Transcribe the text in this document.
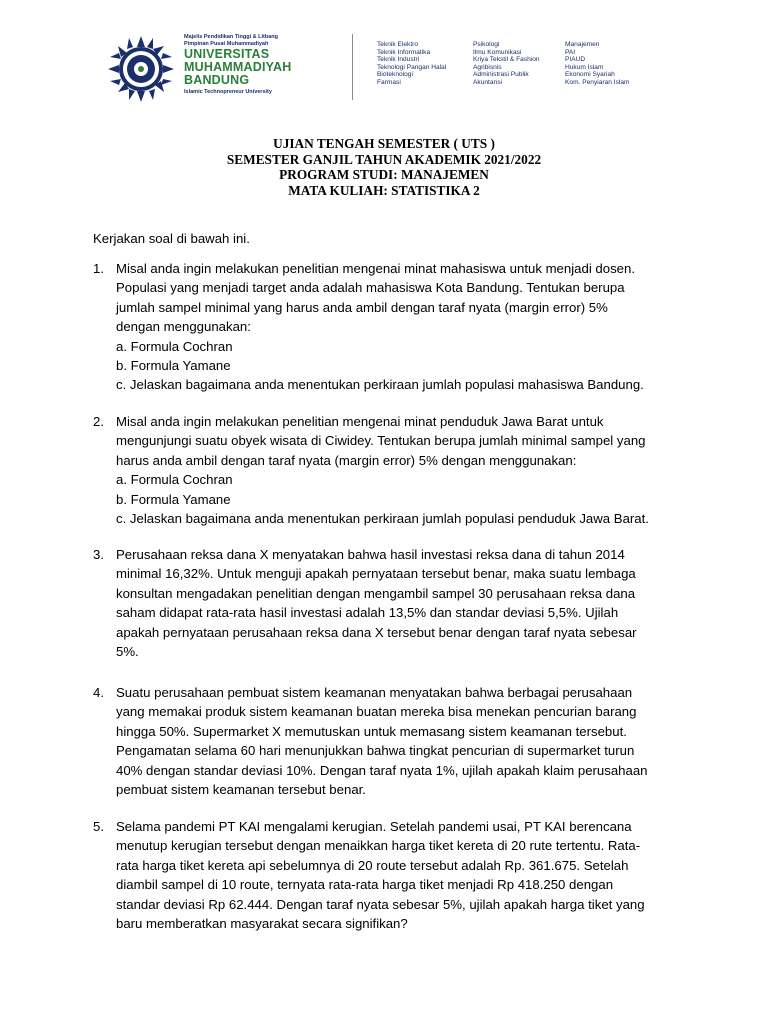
Majelis Pendidikan Tinggi & Litbang
Pimpinan Pusat Muhammadiyah
UNIVERSITAS
MUHAMMADIYAH
BANDUNG
Islamic Technopreneur University
Teknik Elektro
Teknik Informatika
Teknik Industri
Teknologi Pangan Halal
Bioteknologi
Farmasi
Psikologi
Ilmu Komunikasi
Kriya Tekstil & Fashion
Agribisnis
Administrasi Publik
Akuntansi
Manajemen
PAI
PIAUD
Hukum Islam
Ekonomi Syariah
Kom. Penyiaran Islam
UJIAN TENGAH SEMESTER ( UTS )
SEMESTER GANJIL TAHUN AKADEMIK 2021/2022
PROGRAM STUDI: MANAJEMEN
MATA KULIAH: STATISTIKA 2
Kerjakan soal di bawah ini.
1. Misal anda ingin melakukan penelitian mengenai minat mahasiswa untuk menjadi dosen.
Populasi yang menjadi target anda adalah mahasiswa Kota Bandung. Tentukan berupa
jumlah sampel minimal yang harus anda ambil dengan taraf nyata (margin error) 5%
dengan menggunakan:
a. Formula Cochran
b. Formula Yamane
c. Jelaskan bagaimana anda menentukan perkiraan jumlah populasi mahasiswa Bandung.
2. Misal anda ingin melakukan penelitian mengenai minat penduduk Jawa Barat untuk
mengunjungi suatu obyek wisata di Ciwidey. Tentukan berupa jumlah minimal sampel yang
harus anda ambil dengan taraf nyata (margin error) 5% dengan menggunakan:
a. Formula Cochran
b. Formula Yamane
c. Jelaskan bagaimana anda menentukan perkiraan jumlah populasi penduduk Jawa Barat.
3. Perusahaan reksa dana X menyatakan bahwa hasil investasi reksa dana di tahun 2014
minimal 16,32%. Untuk menguji apakah pernyataan tersebut benar, maka suatu lembaga
konsultan mengadakan penelitian dengan mengambil sampel 30 perusahaan reksa dana
saham didapat rata-rata hasil investasi adalah 13,5% dan standar deviasi 5,5%. Ujilah
apakah pernyataan perusahaan reksa dana X tersebut benar dengan taraf nyata sebesar
5%.
4. Suatu perusahaan pembuat sistem keamanan menyatakan bahwa berbagai perusahaan
yang memakai produk sistem keamanan buatan mereka bisa menekan pencurian barang
hingga 50%. Supermarket X memutuskan untuk memasang sistem keamanan tersebut.
Pengamatan selama 60 hari menunjukkan bahwa tingkat pencurian di supermarket turun
40% dengan standar deviasi 10%. Dengan taraf nyata 1%, ujilah apakah klaim perusahaan
pembuat sistem keamanan tersebut benar.
5. Selama pandemi PT KAI mengalami kerugian. Setelah pandemi usai, PT KAI berencana
menutup kerugian tersebut dengan menaikkan harga tiket kereta di 20 rute tertentu. Rata-
rata harga tiket kereta api sebelumnya di 20 route tersebut adalah Rp. 361.675. Setelah
diambil sampel di 10 route, ternyata rata-rata harga tiket menjadi Rp 418.250 dengan
standar deviasi Rp 62.444. Dengan taraf nyata sebesar 5%, ujilah apakah harga tiket yang
baru memberatkan masyarakat secara signifikan?
